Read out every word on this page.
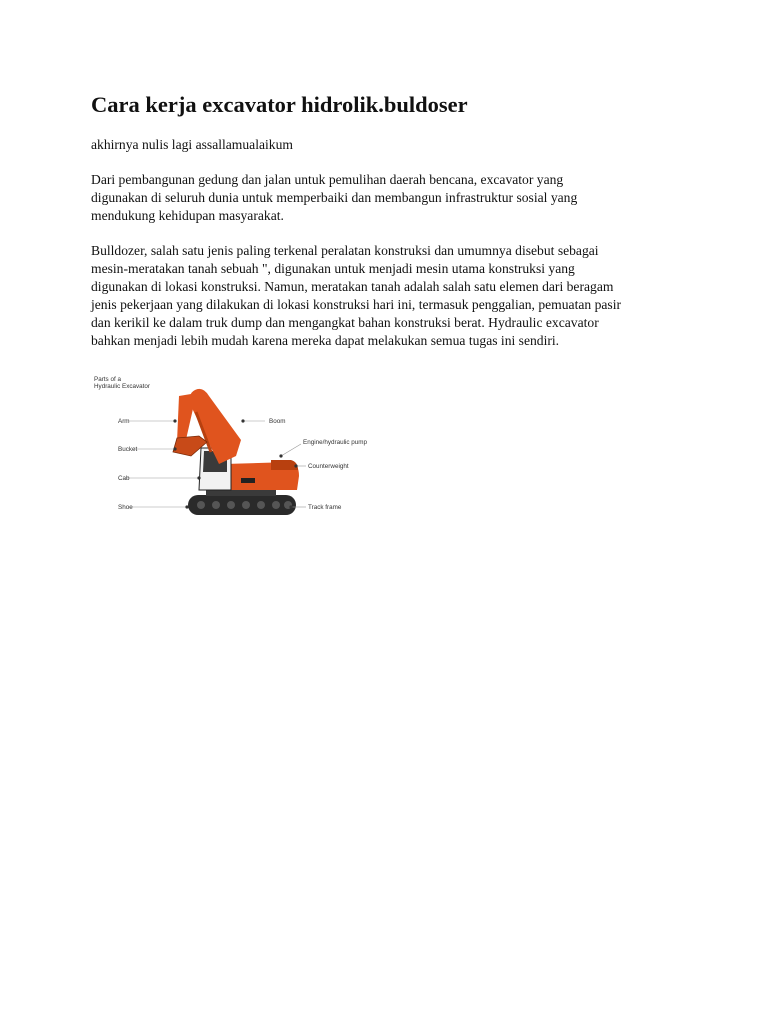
Cara kerja excavator hidrolik.buldoser

akhirnya nulis lagi assallamualaikum

Dari pembangunan gedung dan jalan untuk pemulihan daerah bencana, excavator yang
digunakan di seluruh dunia untuk memperbaiki dan membangun infrastruktur sosial yang
mendukung kehidupan masyarakat.

Bulldozer, salah satu jenis paling terkenal peralatan konstruksi dan umumnya disebut sebagai
mesin-meratakan tanah sebuah ", digunakan untuk menjadi mesin utama konstruksi yang
digunakan di lokasi konstruksi. Namun, meratakan tanah adalah salah satu elemen dari beragam
jenis pekerjaan yang dilakukan di lokasi konstruksi hari ini, termasuk penggalian, pemuatan pasir
dan kerikil ke dalam truk dump dan mengangkat bahan konstruksi berat. Hydraulic excavator
bahkan menjadi lebih mudah karena mereka dapat melakukan semua tugas ini sendiri.

Parts of a
Hydraulic Excavator
Arm
Bucket
Cab
Shoe
Boom
Engine/hydraulic pump
Counterweight
Track frame
